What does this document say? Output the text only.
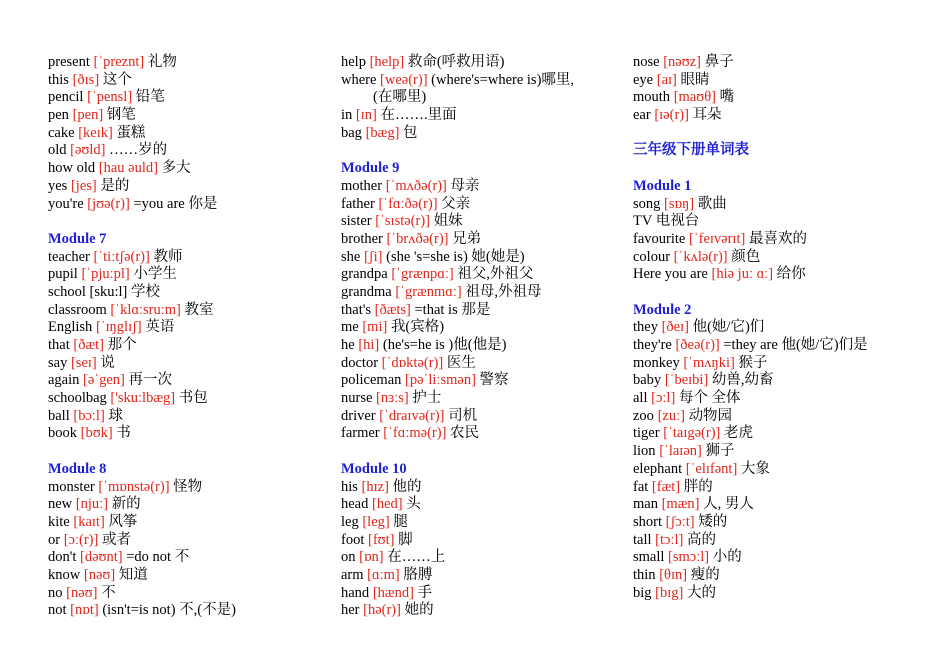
present [ˈpreznt] 礼物
this [ðɪs] 这个
pencil [ˈpensl] 铅笔
pen [pen] 钢笔
cake [keɪk] 蛋糕
old [əʊld] ……岁的
how old [hau əuld] 多大
yes [jes] 是的
you're [jʊə(r)] =you are 你是
Module 7
teacher [ˈtiːtʃə(r)] 教师
pupil [ˈpjuːpl] 小学生
school [sku:l] 学校
classroom [ˈklɑːsruːm] 教室
English [ˈɪŋglɪʃ] 英语
that [ðæt] 那个
say [seɪ] 说
again [əˈgen] 再一次
schoolbag ['skuːlbæg] 书包
ball [bɔːl] 球
book [bʊk] 书
Module 8
monster [ˈmɒnstə(r)] 怪物
new [njuː] 新的
kite [kaɪt] 风筝
or [ɔː(r)] 或者
don't [dəʊnt] =do not 不
know [nəʊ] 知道
no [nəʊ] 不
not [nɒt] (isn't=is not) 不,(不是)
help [help] 救命(呼救用语)
where [weə(r)] (where's=where is)哪里,
(在哪里)
in [ɪn] 在…….里面
bag [bæg] 包
Module 9
mother [ˈmʌðə(r)] 母亲
father [ˈfɑːðə(r)] 父亲
sister [ˈsɪstə(r)] 姐妹
brother [ˈbrʌðə(r)] 兄弟
she [ʃi] (she 's=she is) 她(她是)
grandpa [ˈgrænpɑː] 祖父,外祖父
grandma [ˈgrænmɑː] 祖母,外祖母
that's [ðæts] =that is 那是
me [mi] 我(宾格)
he [hi] (he's=he is )他(他是)
doctor [ˈdɒktə(r)] 医生
policeman [pəˈliːsmən] 警察
nurse [nɜːs] 护士
driver [ˈdraɪvə(r)] 司机
farmer [ˈfɑːmə(r)] 农民
Module 10
his [hɪz] 他的
head [hed] 头
leg [leg] 腿
foot [fʊt] 脚
on [ɒn] 在……上
arm [ɑːm] 胳膊
hand [hænd] 手
her [hə(r)] 她的
nose [nəʊz] 鼻子
eye [aɪ] 眼睛
mouth [maʊθ] 嘴
ear [ɪə(r)] 耳朵
三年级下册单词表
Module 1
song [sɒŋ] 歌曲
TV 电视台
favourite [ˈfeɪvərɪt] 最喜欢的
colour [ˈkʌlə(r)] 颜色
Here you are [hiə juː ɑː] 给你
Module 2
they [ðeɪ] 他(她/它)们
they're [ðeə(r)] =they are 他(她/它)们是
monkey [ˈmʌŋki] 猴子
baby [ˈbeɪbi] 幼兽,幼畜
all [ɔːl] 每个 全体
zoo [zuː] 动物园
tiger [ˈtaɪgə(r)] 老虎
lion [ˈlaɪən] 狮子
elephant [ˈelɪfənt] 大象
fat [fæt] 胖的
man [mæn] 人, 男人
short [ʃɔːt] 矮的
tall [tɔːl] 高的
small [smɔːl] 小的
thin [θɪn] 瘦的
big [bɪg] 大的
